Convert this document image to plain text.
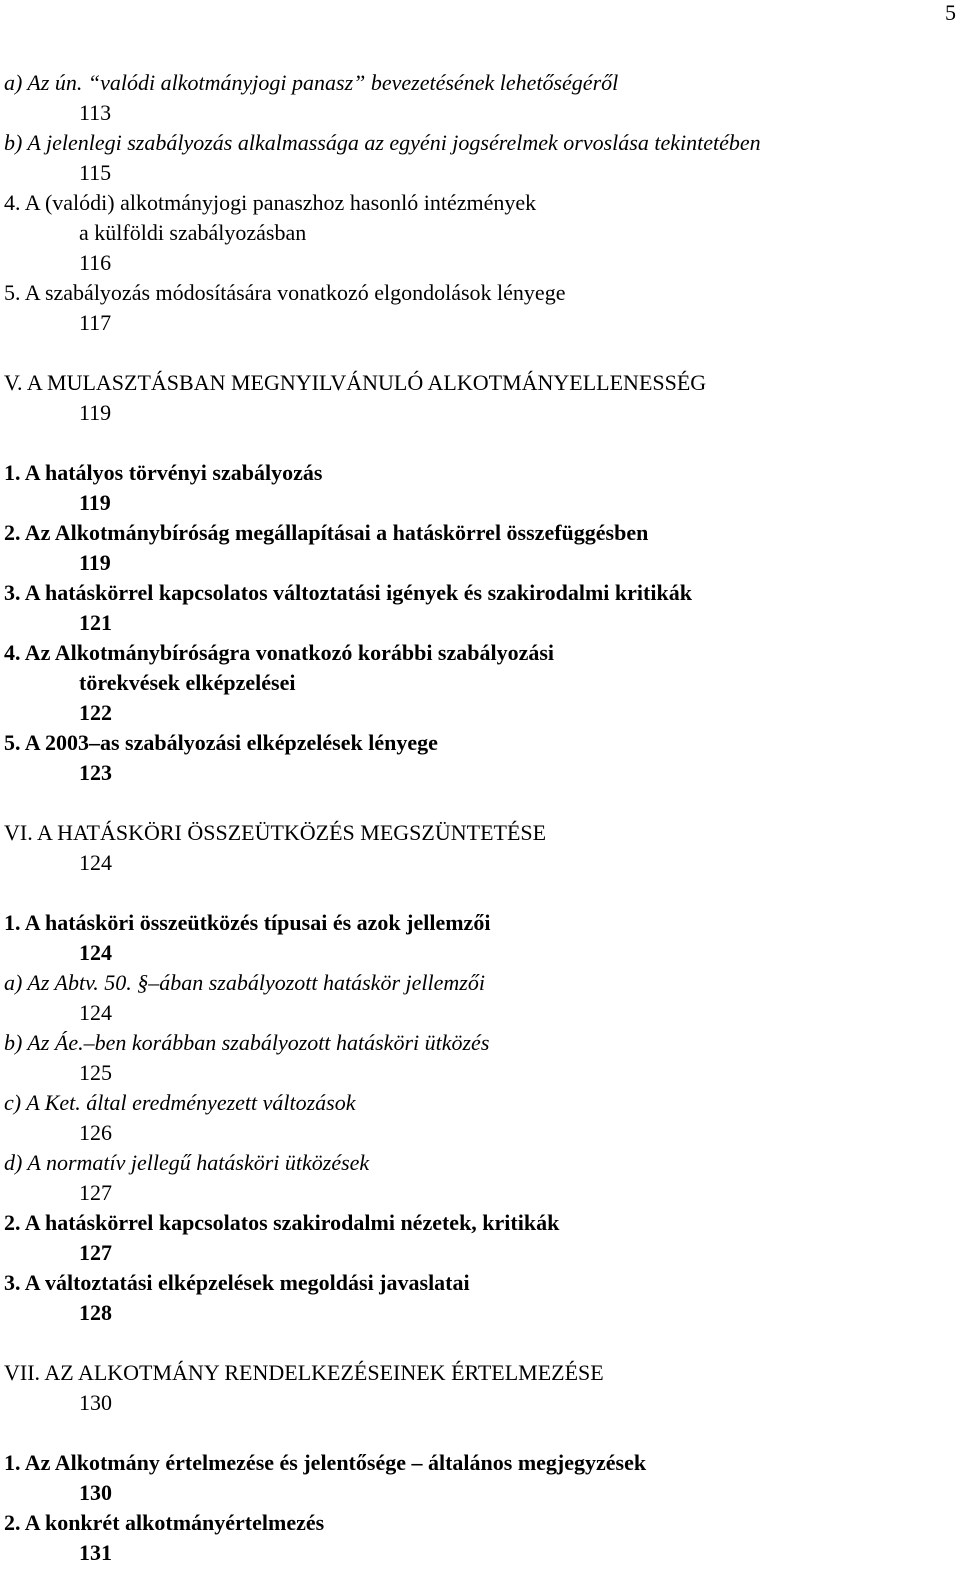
5
a) Az ún. “valódi alkotmányjogi panasz” bevezetésének lehetőségéről
113
b) A jelenlegi szabályozás alkalmassága az egyéni jogsérelmek orvoslása tekintetében
115
4. A (valódi) alkotmányjogi panaszhoz hasonló intézmények
a külföldi szabályozásban
116
5. A szabályozás módosítására vonatkozó elgondolások lényege
117
V. A MULASZTÁSBAN MEGNYILVÁNULÓ ALKOTMÁNYELLENESSÉG
119
1. A hatályos törvényi szabályozás
119
2. Az Alkotmánybíróság megállapításai a hatáskörrel összefüggésben
119
3. A hatáskörrel kapcsolatos változtatási igények és szakirodalmi kritikák
121
4. Az Alkotmánybíróságra vonatkozó korábbi szabályozási
törekvések elképzelései
122
5. A 2003–as szabályozási elképzelések lényege
123
VI. A HATÁSKÖRI ÖSSZEÜTKÖZÉS MEGSZÜNTETÉSE
124
1. A hatásköri összeütközés típusai és azok jellemzői
124
a) Az Abtv. 50. §–ában szabályozott hatáskör jellemzői
124
b) Az Áe.–ben korábban szabályozott hatásköri ütközés
125
c) A Ket. által eredményezett változások
126
d) A normatív jellegű hatásköri ütközések
127
2. A hatáskörrel kapcsolatos szakirodalmi nézetek, kritikák
127
3. A változtatási elképzelések megoldási javaslatai
128
VII. AZ ALKOTMÁNY RENDELKEZÉSEINEK ÉRTELMEZÉSE
130
1. Az Alkotmány értelmezése és jelentősége – általános megjegyzések
130
2. A konkrét alkotmányértelmezés
131
